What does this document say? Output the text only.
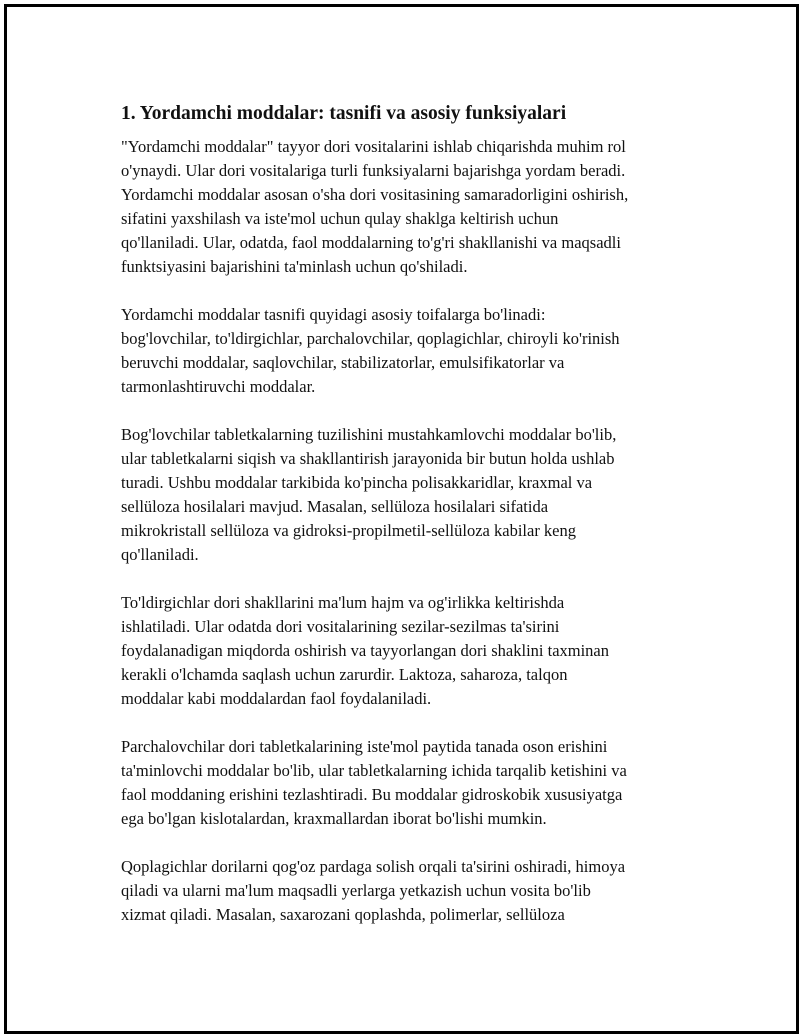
1. Yordamchi moddalar: tasnifi va asosiy funksiyalari

"Yordamchi moddalar" tayyor dori vositalarini ishlab chiqarishda muhim rol
o'ynaydi. Ular dori vositalariga turli funksiyalarni bajarishga yordam beradi.
Yordamchi moddalar asosan o'sha dori vositasining samaradorligini oshirish,
sifatini yaxshilash va iste'mol uchun qulay shaklga keltirish uchun
qo'llaniladi. Ular, odatda, faol moddalarning to'g'ri shakllanishi va maqsadli
funktsiyasini bajarishini ta'minlash uchun qo'shiladi.

Yordamchi moddalar tasnifi quyidagi asosiy toifalarga bo'linadi:
bog'lovchilar, to'ldirgichlar, parchalovchilar, qoplagichlar, chiroyli ko'rinish
beruvchi moddalar, saqlovchilar, stabilizatorlar, emulsifikatorlar va
tarmonlashtiruvchi moddalar.

Bog'lovchilar tabletkalarning tuzilishini mustahkamlovchi moddalar bo'lib,
ular tabletkalarni siqish va shakllantirish jarayonida bir butun holda ushlab
turadi. Ushbu moddalar tarkibida ko'pincha polisakkaridlar, kraxmal va
sellüloza hosilalari mavjud. Masalan, sellüloza hosilalari sifatida
mikrokristall sellüloza va gidroksi-propilmetil-sellüloza kabilar keng
qo'llaniladi.

To'ldirgichlar dori shakllarini ma'lum hajm va og'irlikka keltirishda
ishlatiladi. Ular odatda dori vositalarining sezilar-sezilmas ta'sirini
foydalanadigan miqdorda oshirish va tayyorlangan dori shaklini taxminan
kerakli o'lchamda saqlash uchun zarurdir. Laktoza, saharoza, talqon
moddalar kabi moddalardan faol foydalaniladi.

Parchalovchilar dori tabletkalarining iste'mol paytida tanada oson erishini
ta'minlovchi moddalar bo'lib, ular tabletkalarning ichida tarqalib ketishini va
faol moddaning erishini tezlashtiradi. Bu moddalar gidroskobik xususiyatga
ega bo'lgan kislotalardan, kraxmallardan iborat bo'lishi mumkin.

Qoplagichlar dorilarni qog'oz pardaga solish orqali ta'sirini oshiradi, himoya
qiladi va ularni ma'lum maqsadli yerlarga yetkazish uchun vosita bo'lib
xizmat qiladi. Masalan, saxarozani qoplashda, polimerlar, sellüloza
